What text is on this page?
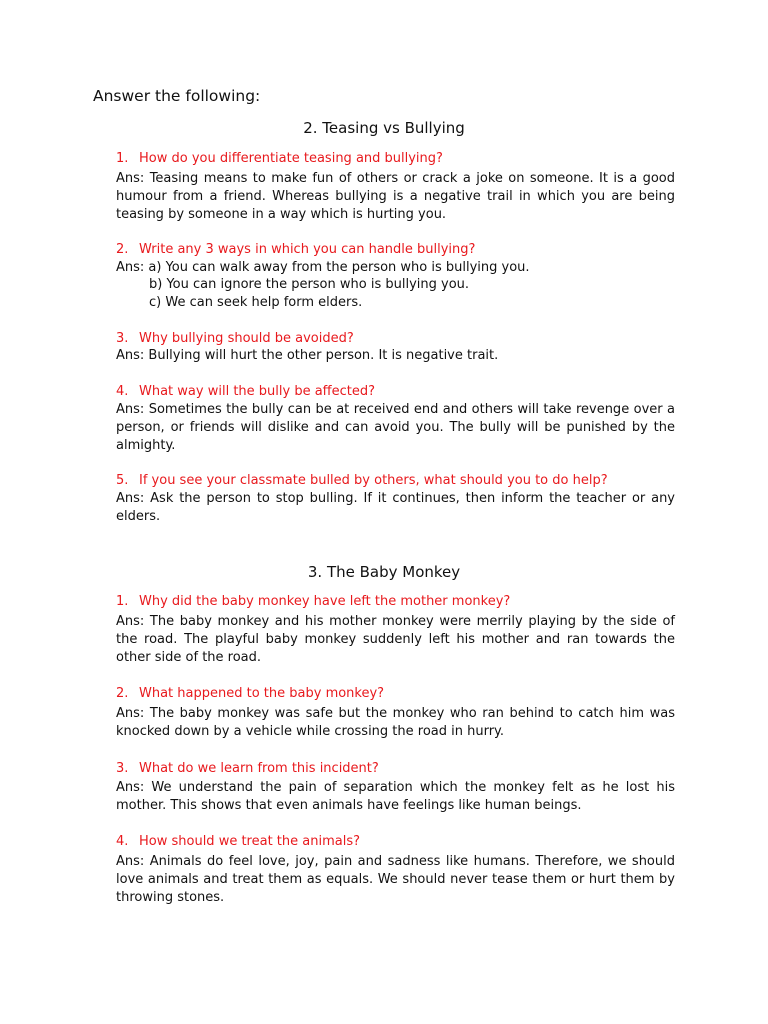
Answer the following:
2. Teasing vs Bullying
1. How do you differentiate teasing and bullying?
Ans: Teasing means to make fun of others or crack a joke on someone. It is a good humour from a friend. Whereas bullying is a negative trail in which you are being teasing by someone in a way which is hurting you.
2. Write any 3 ways in which you can handle bullying?
Ans: a) You can walk away from the person who is bullying you.
b) You can ignore the person who is bullying you.
c) We can seek help form elders.
3. Why bullying should be avoided?
Ans: Bullying will hurt the other person. It is negative trait.
4. What way will the bully be affected?
Ans: Sometimes the bully can be at received end and others will take revenge over a person, or friends will dislike and can avoid you. The bully will be punished by the almighty.
5. If you see your classmate bulled by others, what should you to do help?
Ans: Ask the person to stop bulling. If it continues, then inform the teacher or any elders.
3. The Baby Monkey
1. Why did the baby monkey have left the mother monkey?
Ans: The baby monkey and his mother monkey were merrily playing by the side of the road. The playful baby monkey suddenly left his mother and ran towards the other side of the road.
2. What happened to the baby monkey?
Ans: The baby monkey was safe but the monkey who ran behind to catch him was knocked down by a vehicle while crossing the road in hurry.
3. What do we learn from this incident?
Ans: We understand the pain of separation which the monkey felt as he lost his mother. This shows that even animals have feelings like human beings.
4. How should we treat the animals?
Ans: Animals do feel love, joy, pain and sadness like humans. Therefore, we should love animals and treat them as equals. We should never tease them or hurt them by throwing stones.
